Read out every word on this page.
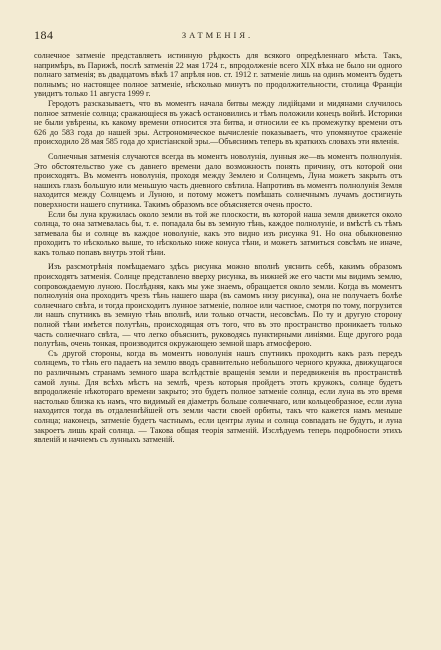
184	ЗАТМЕНІЯ.

солнечное затменіе представляетъ истинную рѣдкость для всякого опредѣленнаго мѣста. Такъ, напримѣръ, въ Парижѣ, послѣ затменія 22 мая 1724 г., впродолженіе всего XIX вѣка не было ни одного полнаго затменія; въ двадцатомъ вѣкѣ 17 апрѣля нов. ст. 1912 г. затменіе лишь на одинъ моментъ будетъ полнымъ; но настоящее полное затменіе, нѣсколько минутъ по продолжительности, столица Франціи увидитъ только 11 августа 1999 г.

Геродотъ разсказываетъ, что въ моментъ начала битвы между лидійцами и мидянами случилось полное затменіе солнца; сражающіеся въ ужасѣ остановились и тѣмъ положили конецъ войнѣ. Историки не были увѣрены, къ какому времени относится эта битва, и относили ее къ промежутку времени отъ 626 до 583 года до нашей эры. Астрономическое вычисленіе показываетъ, что упомянутое сраженіе происходило 28 мая 585 года до христіанской эры.—Объяснимъ теперь въ краткихъ словахъ эти явленія.

Солнечныя затменія случаются всегда въ моментъ новолунія, лунныя же—въ моментъ полнолунія. Это обстоятельство уже съ давнего времени дало возможность понять причину, отъ которой они происходятъ. Въ моментъ новолунія, проходя между Землею и Солнцемъ, Луна можетъ закрыть отъ нашихъ глазъ большую или меньшую часть дневного свѣтила. Напротивъ въ моментъ полнолунія Земля находится между Солнцемъ и Луною, и потому можетъ помѣшать солнечнымъ лучамъ достигнуть поверхности нашего спутника. Такимъ образомъ все объясняется очень просто.

Если бы луна кружилась около земли въ той же плоскости, въ которой наша земля движется около солнца, то она затмевалась бы, т. е. попадала бы въ земную тѣнь, каждое полнолуніе, и вмѣстѣ съ тѣмъ затмевала бы и солнце въ каждое новолуніе, какъ это видно изъ рисунка 91. Но она обыкновенно проходитъ то нѣсколько выше, то нѣсколько ниже конуса тѣни, и можетъ затмиться совсѣмъ не иначе, какъ только попавъ внутрь этой тѣни.

Изъ разсмотрѣнія помѣщаемаго здѣсь рисунка можно вполнѣ уяснить себѣ, какимъ образомъ происходятъ затменія. Солнце представлено вверху рисунка, въ нижней же его части мы видимъ землю, сопровождаемую луною. Послѣдняя, какъ мы уже знаемъ, обращается около земли. Когда въ моментъ полнолунія она проходитъ чрезъ тѣнь нашего шара (въ самомъ низу рисунка), она не получаетъ болѣе солнечнаго свѣта, и тогда происходитъ лунное затменіе, полное или частное, смотря по тому, погрузится ли нашъ спутникъ въ земную тѣнь вполнѣ, или только отчасти, несовсѣмъ. По ту и другую сторону полной тѣни имѣется полутѣнь, происходящая отъ того, что въ это пространство проникаетъ только часть солнечнаго свѣта, — что легко объяснить, руководясь пунктирными линіями. Еще другого рода полутѣнь, очень тонкая, производится окружающею земной шаръ атмосферою.

Съ другой стороны, когда въ моментъ новолунія нашъ спутникъ проходитъ какъ разъ передъ солнцемъ, то тѣнь его падаетъ на землю вводъ сравнительно небольшого черного кружка, движущагося по различнымъ странамъ земного шара вслѣдствіе вращенія земли и передвиженія въ пространствѣ самой луны. Для всѣхъ мѣстъ на землѣ, чрезъ которыя пройдетъ этотъ кружокъ, солнце будетъ впродолженіе нѣкотораго времени закрыто; это будетъ полное затменіе солнца, если луна въ это время настолько близка къ намъ, что видимый ея діаметръ больше солнечнаго, или кольцеобразное, если луна находится тогда въ отдаленнѣйшей отъ земли части своей орбиты, такъ что кажется намъ меньше солнца; наконецъ, затменіе будетъ частнымъ, если центры луны и солнца совпадать не будутъ, и луна закроетъ лишь край солнца. — Такова общая теорія затменій. Изслѣдуемъ теперь подробности этихъ явленій и начнемъ съ лунныхъ затменій.
